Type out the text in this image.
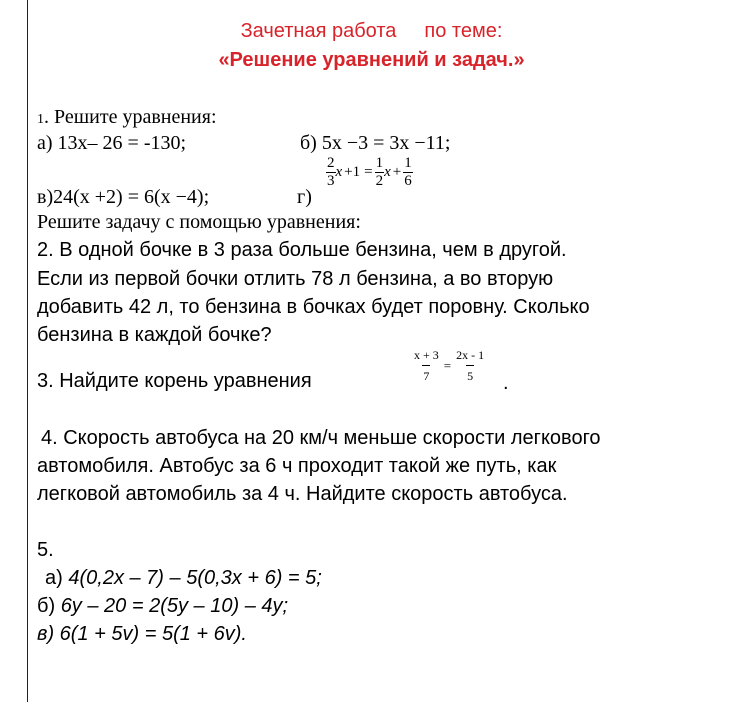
Зачетная работа по теме:
«Решение уравнений и задач.»
1. Решите уравнения:
а) 13x– 26 = -130;	б) 5x −3 = 3x −11;
в)24(x +2) = 6(x −4);	г)
$\frac{2}{3}$ $x +1 = \frac{1}{2}$ $x + \frac{1}{6}$
Решите задачу с помощью уравнения:
2. В одной бочке в 3 раза больше бензина, чем в другой.
Если из первой бочки отлить 78 л бензина, а во вторую
добавить 42 л, то бензина в бочках будет поровну. Сколько
бензина в каждой бочке?
3. Найдите корень уравнения	$\frac{x + 3}{7} = \frac{2x - 1}{5}$
.
4. Скорость автобуса на 20 км/ч меньше скорости легкового
автомобиля. Автобус за 6 ч проходит такой же путь, как
легковой автомобиль за 4 ч. Найдите скорость автобуса.
5.
а) 4(0,2x – 7) – 5(0,3x + 6) = 5;
б) 6y – 20 = 2(5y – 10) – 4y;
в) 6(1 + 5v) = 5(1 + 6v).
